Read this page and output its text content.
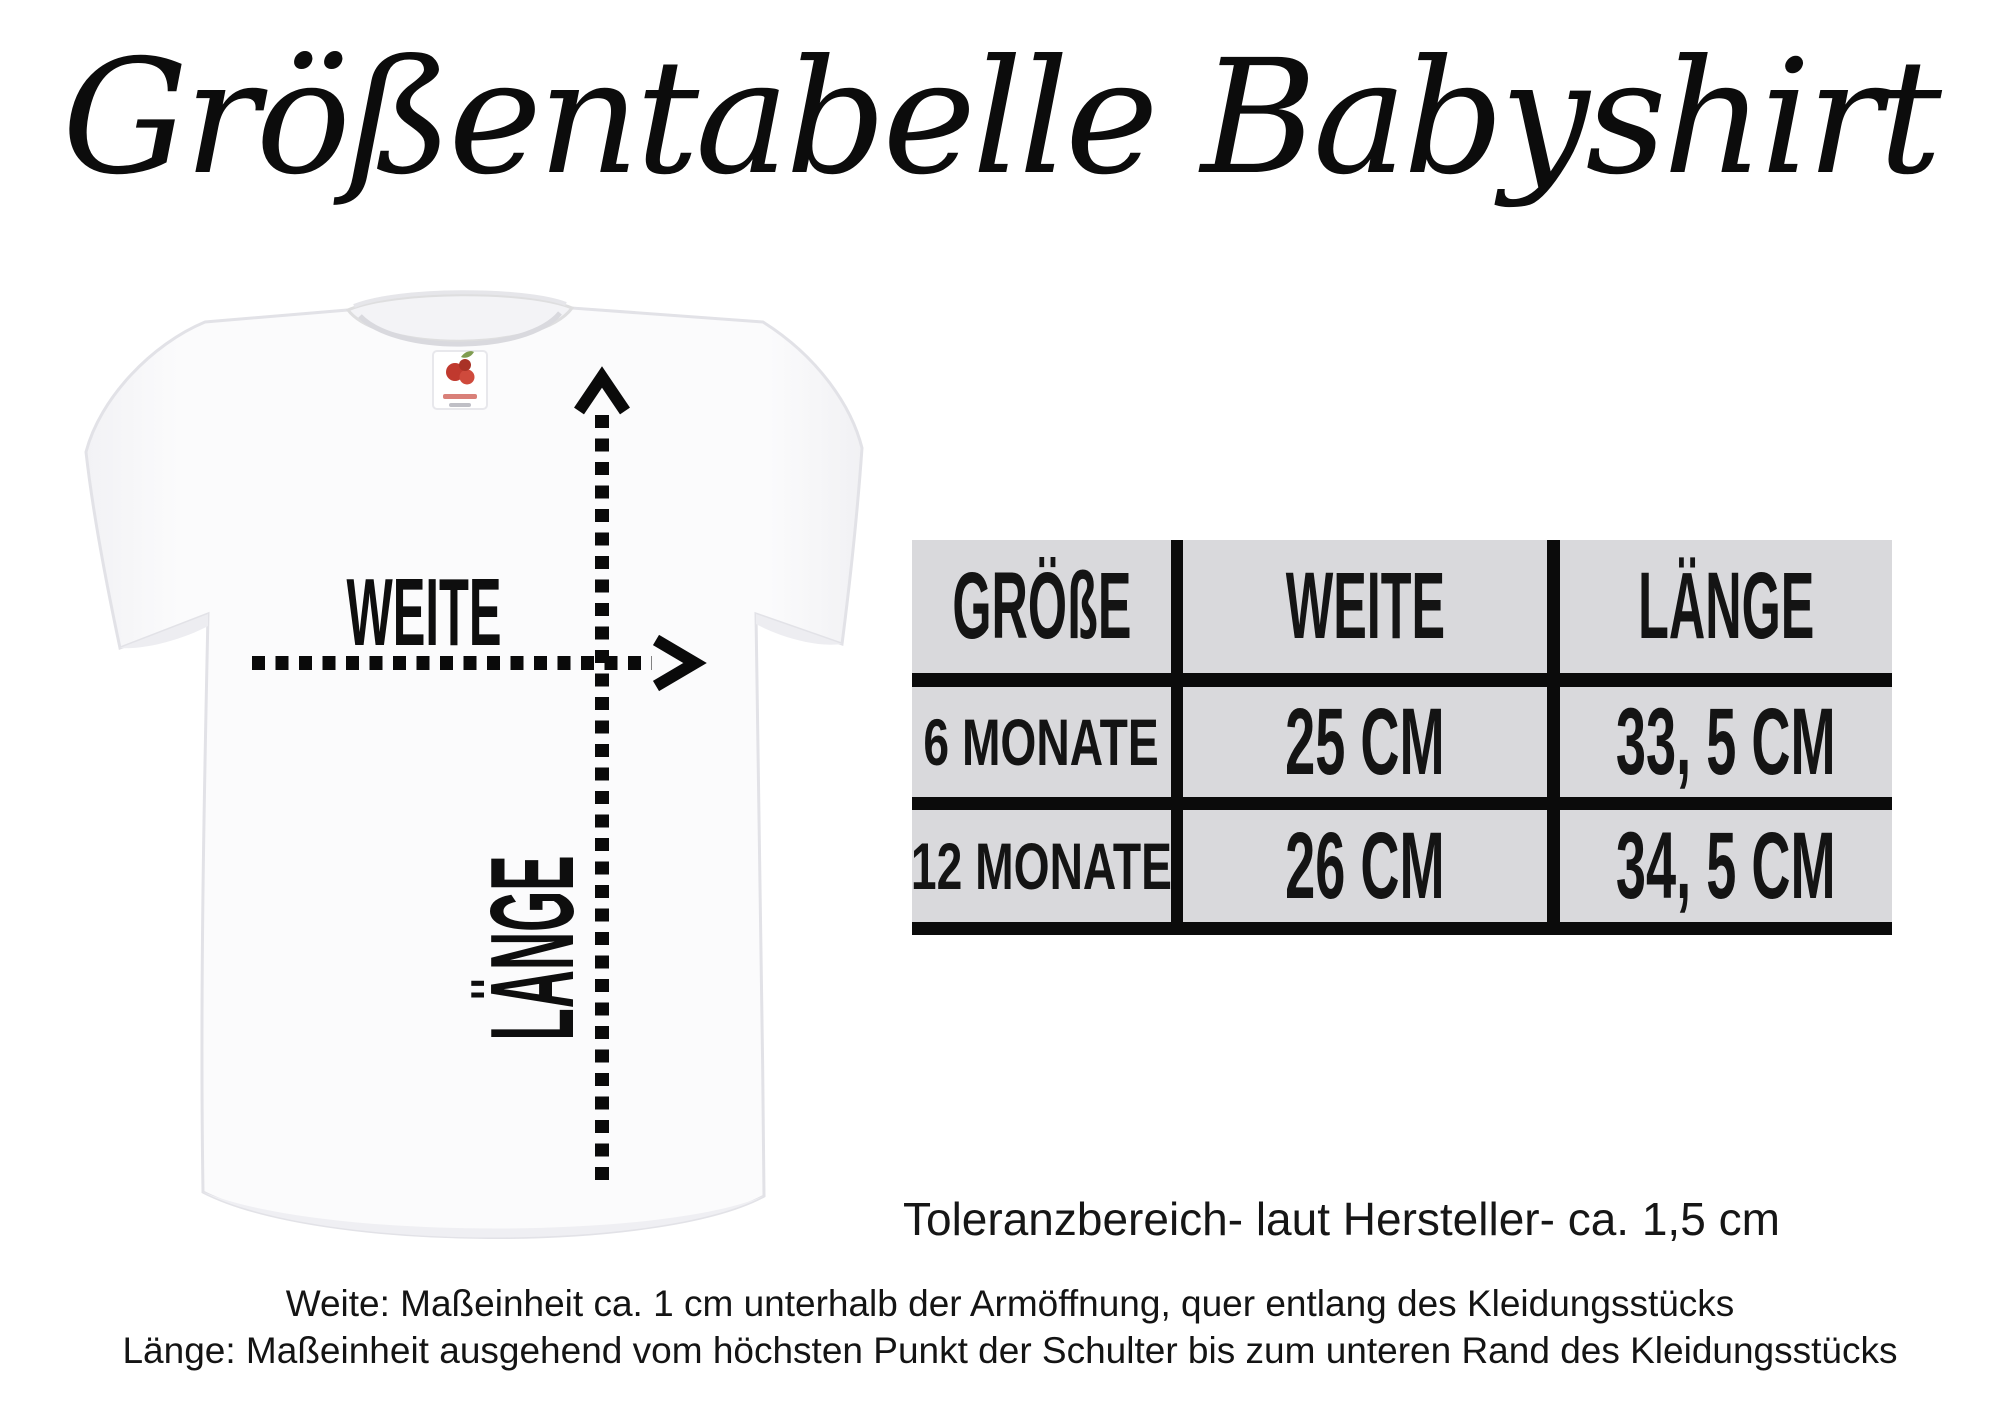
Größentabelle Babyshirt
WEITE	GRÖßE WEITE LÄNGE
6 MONATE 25 CM 33, 5 CM
12 MONATE 26 CM 34, 5 CM
Toleranzbereich- laut Hersteller- ca. 1,5 cm
Weite: Maßeinheit ca. 1 cm unterhalb der Armöffnung, quer entlang des Kleidungsstücks
Länge: Maßeinheit ausgehend vom höchsten Punkt der Schulter bis zum unteren Rand des Kleidungsstücks
